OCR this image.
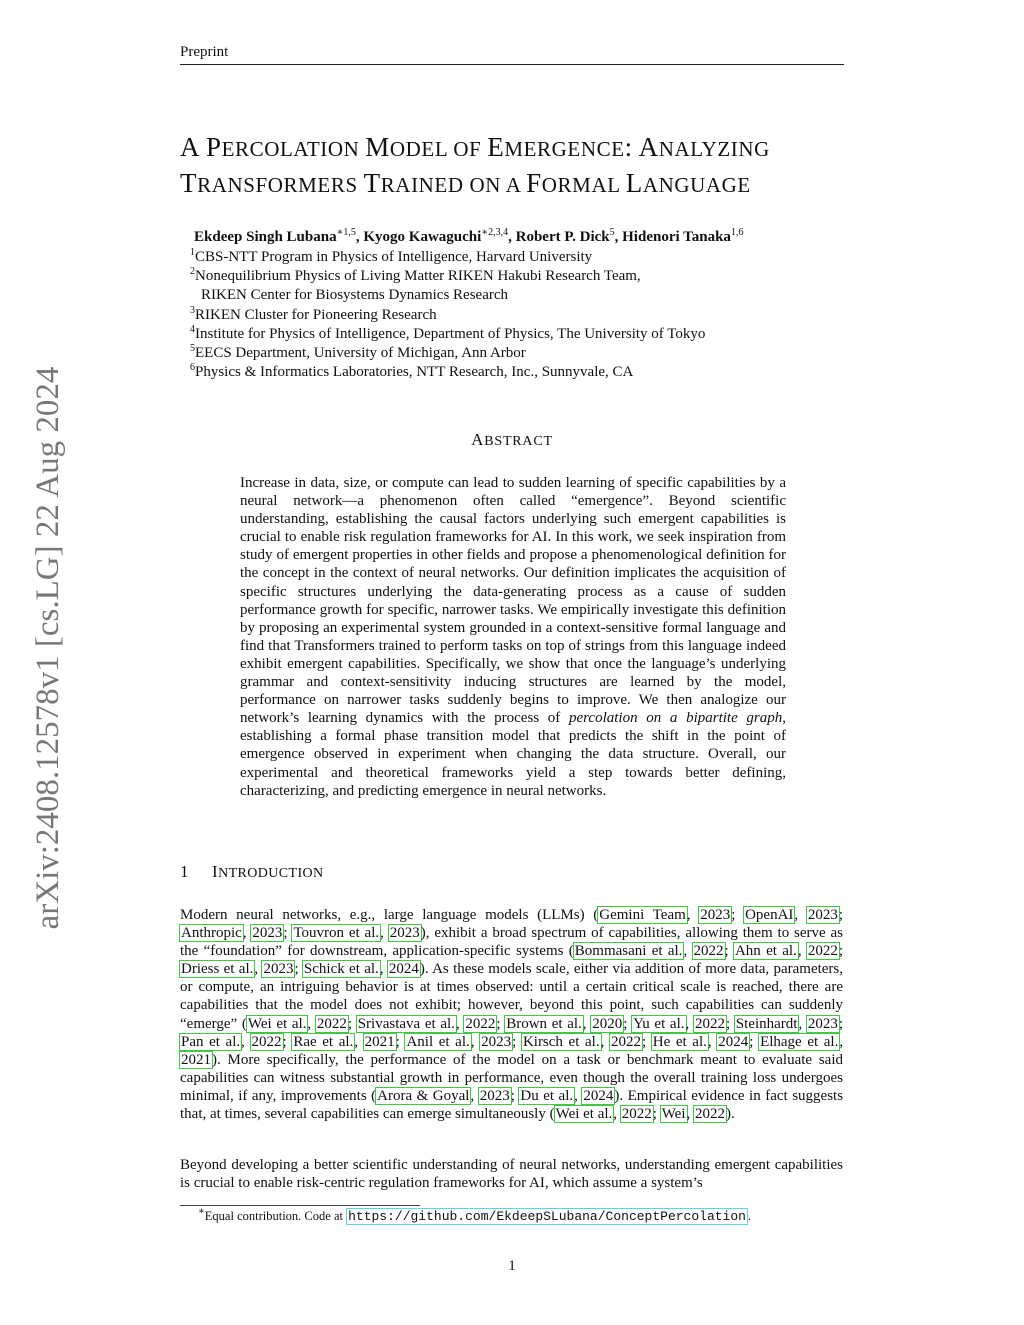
Preprint
arXiv:2408.12578v1 [cs.LG] 22 Aug 2024
A PERCOLATION MODEL OF EMERGENCE: ANALYZING
TRANSFORMERS TRAINED ON A FORMAL LANGUAGE
Ekdeep Singh Lubana$^{∗1,5}$, Kyogo Kawaguchi$^{∗2,3,4}$, Robert P. Dick$^5$, Hidenori Tanaka$^{1,6}$
$^1$CBS-NTT Program in Physics of Intelligence, Harvard University
$^2$Nonequilibrium Physics of Living Matter RIKEN Hakubi Research Team,
RIKEN Center for Biosystems Dynamics Research
$^3$RIKEN Cluster for Pioneering Research
$^4$Institute for Physics of Intelligence, Department of Physics, The University of Tokyo
$^5$EECS Department, University of Michigan, Ann Arbor
$^6$Physics & Informatics Laboratories, NTT Research, Inc., Sunnyvale, CA
ABSTRACT
Increase in data, size, or compute can lead to sudden learning of specific capabilities by a neural network—a phenomenon often called “emergence”. Beyond scientific understanding, establishing the causal factors underlying such emergent capabilities is crucial to enable risk regulation frameworks for AI. In this work, we seek inspiration from study of emergent properties in other fields and propose a phenomenological definition for the concept in the context of neural networks. Our definition implicates the acquisition of specific structures underlying the data-generating process as a cause of sudden performance growth for specific, narrower tasks. We empirically investigate this definition by proposing an experimental system grounded in a context-sensitive formal language and find that Transformers trained to perform tasks on top of strings from this language indeed exhibit emergent capabilities. Specifically, we show that once the language’s underlying grammar and context-sensitivity inducing structures are learned by the model, performance on narrower tasks suddenly begins to improve. We then analogize our network’s learning dynamics with the process of percolation on a bipartite graph, establishing a formal phase transition model that predicts the shift in the point of emergence observed in experiment when changing the data structure. Overall, our experimental and theoretical frameworks yield a step towards better defining, characterizing, and predicting emergence in neural networks.
1 INTRODUCTION
Modern neural networks, e.g., large language models (LLMs) (Gemini Team, 2023; OpenAI, 2023; Anthropic, 2023; Touvron et al., 2023), exhibit a broad spectrum of capabilities, allowing them to serve as the “foundation” for downstream, application-specific systems (Bommasani et al., 2022; Ahn et al., 2022; Driess et al., 2023; Schick et al., 2024). As these models scale, either via addition of more data, parameters, or compute, an intriguing behavior is at times observed: until a certain critical scale is reached, there are capabilities that the model does not exhibit; however, beyond this point, such capabilities can suddenly “emerge” (Wei et al., 2022; Srivastava et al., 2022; Brown et al., 2020; Yu et al., 2022; Steinhardt, 2023; Pan et al., 2022; Rae et al., 2021; Anil et al., 2023; Kirsch et al., 2022; He et al., 2024; Elhage et al., 2021). More specifically, the performance of the model on a task or benchmark meant to evaluate said capabilities can witness substantial growth in performance, even though the overall training loss undergoes minimal, if any, improvements (Arora & Goyal, 2023; Du et al., 2024). Empirical evidence in fact suggests that, at times, several capabilities can emerge simultaneously (Wei et al., 2022; Wei, 2022).
Beyond developing a better scientific understanding of neural networks, understanding emergent capabilities is crucial to enable risk-centric regulation frameworks for AI, which assume a system’s
∗Equal contribution. Code at https://github.com/EkdeepSLubana/ConceptPercolation .
1
